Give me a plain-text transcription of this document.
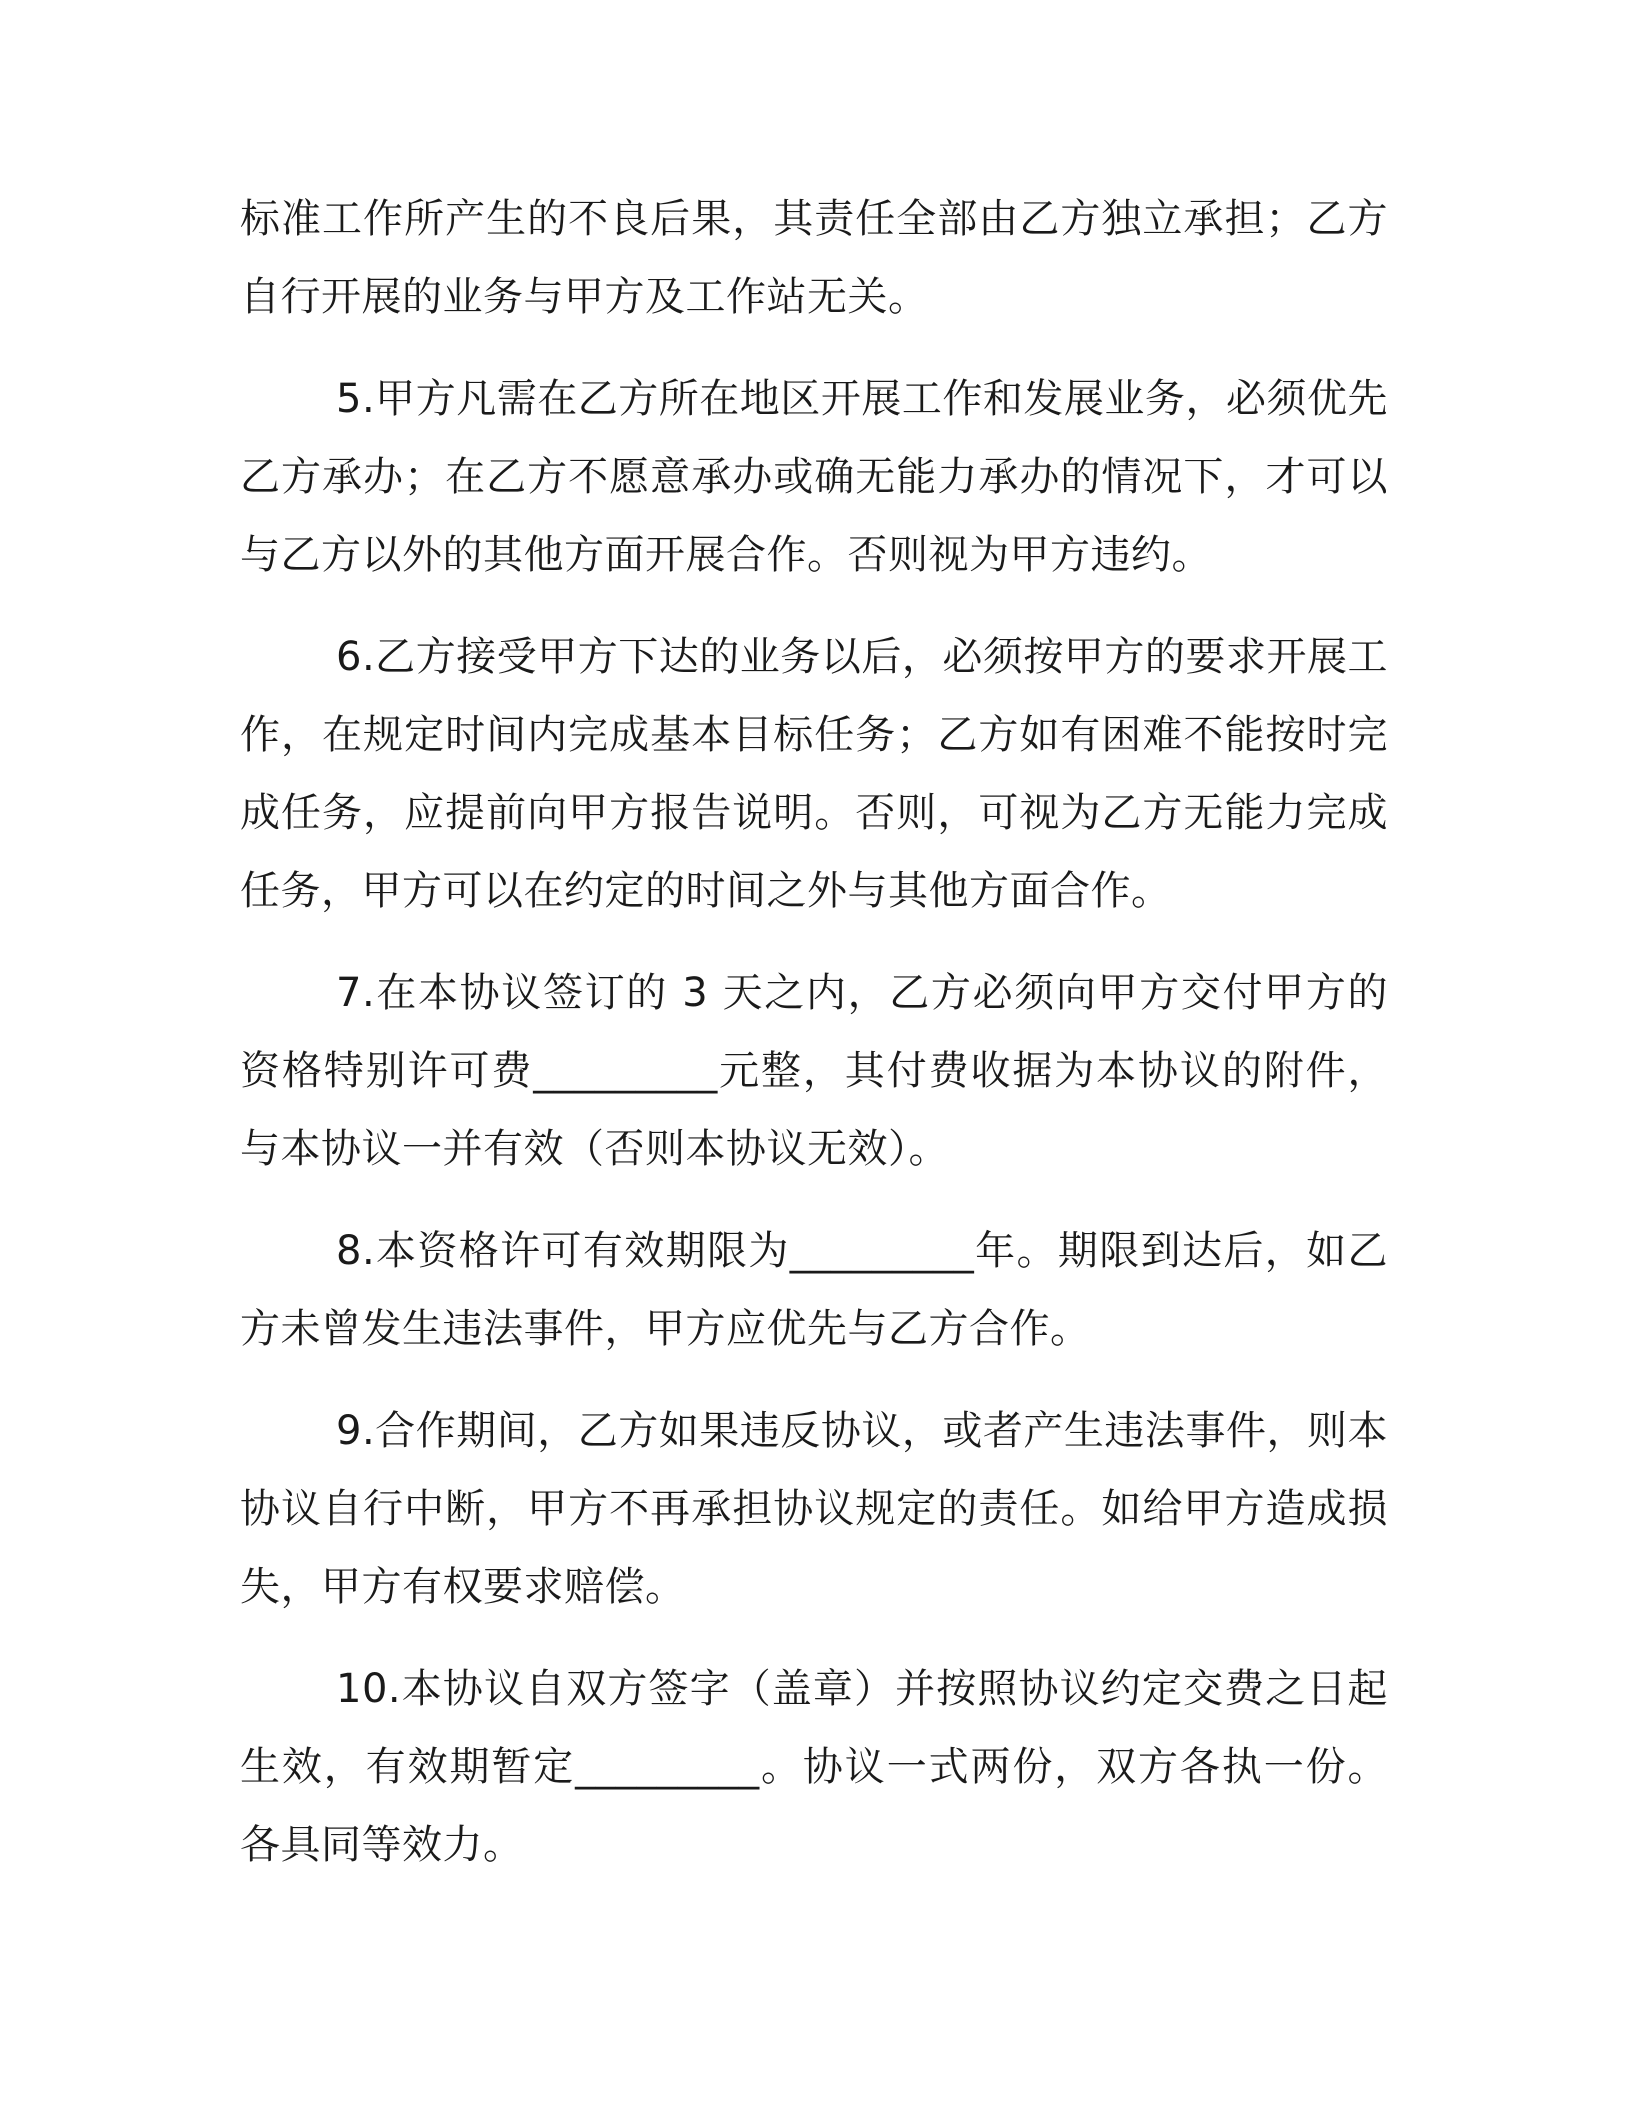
标准工作所产生的不良后果，其责任全部由乙方独立承担；乙方自行开展的业务与甲方及工作站无关。

5.甲方凡需在乙方所在地区开展工作和发展业务，必须优先乙方承办；在乙方不愿意承办或确无能力承办的情况下，才可以与乙方以外的其他方面开展合作。否则视为甲方违约。

6.乙方接受甲方下达的业务以后，必须按甲方的要求开展工作，在规定时间内完成基本目标任务；乙方如有困难不能按时完成任务，应提前向甲方报告说明。否则，可视为乙方无能力完成任务，甲方可以在约定的时间之外与其他方面合作。

7.在本协议签订的 3 天之内，乙方必须向甲方交付甲方的资格特别许可费_________元整，其付费收据为本协议的附件，与本协议一并有效（否则本协议无效）。

8.本资格许可有效期限为_________年。期限到达后，如乙方未曾发生违法事件，甲方应优先与乙方合作。

9.合作期间，乙方如果违反协议，或者产生违法事件，则本协议自行中断，甲方不再承担协议规定的责任。如给甲方造成损失，甲方有权要求赔偿。

10.本协议自双方签字（盖章）并按照协议约定交费之日起生效，有效期暂定_________。协议一式两份，双方各执一份。各具同等效力。
